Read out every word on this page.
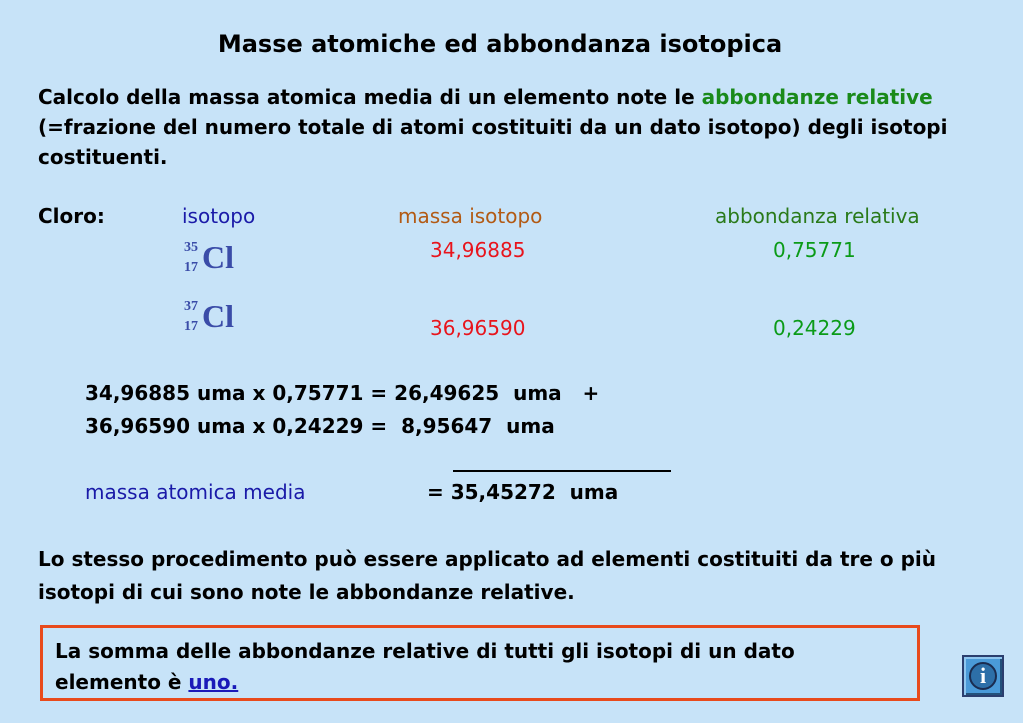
Masse atomiche ed abbondanza isotopica
Calcolo della massa atomica media di un elemento note le abbondanze relative (=frazione del numero totale di atomi costituiti da un dato isotopo) degli isotopi costituenti.
Cloro:	isotopo	massa isotopo	abbondanza relativa
35
17 Cl	34,96885	0,75771
37
17 Cl	36,96590	0,24229
34,96885 uma x 0,75771 = 26,49625  uma   +
36,96590 uma x 0,24229 =  8,95647  uma
massa atomica media	= 35,45272  uma
Lo stesso procedimento può essere applicato ad elementi costituiti da tre o più isotopi di cui sono note le abbondanze relative.
La somma delle abbondanze relative di tutti gli isotopi di un dato elemento è uno.	i
